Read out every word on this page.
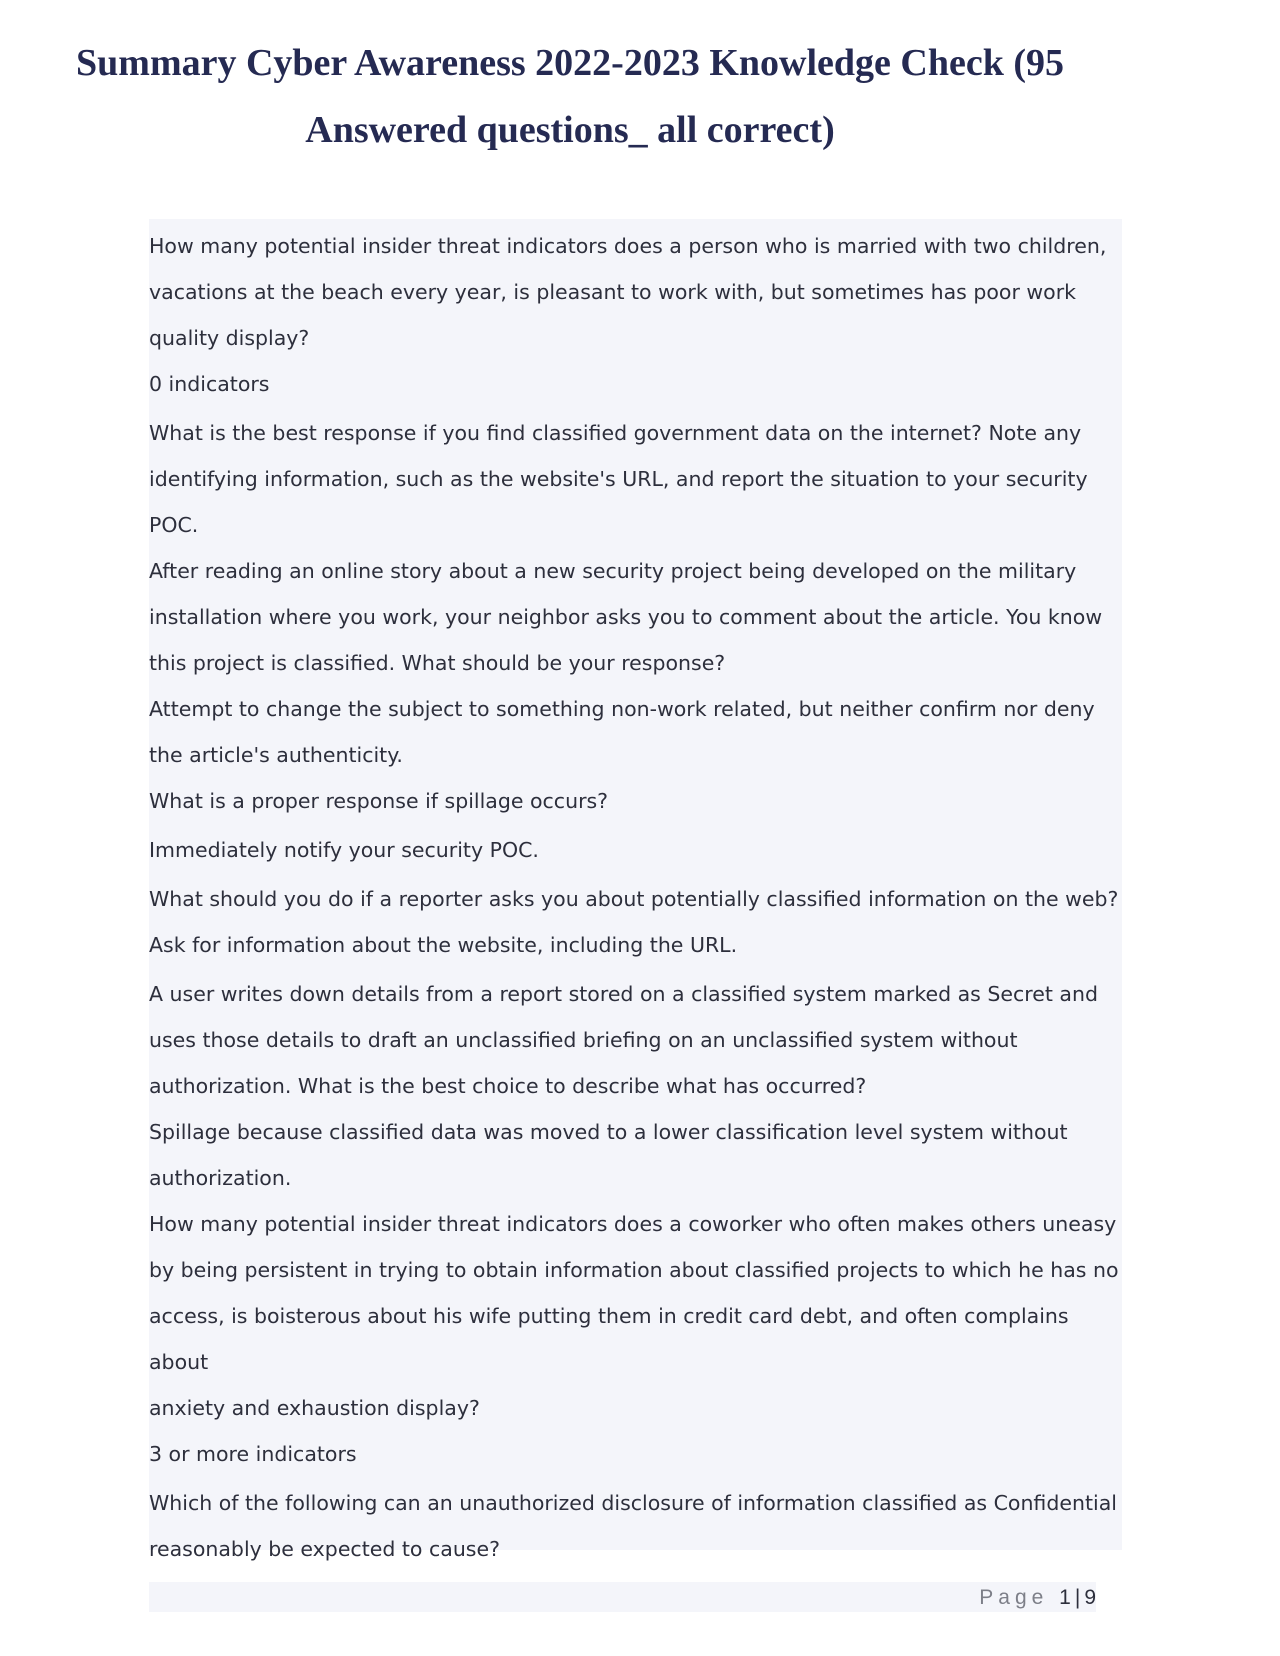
Summary Cyber Awareness 2022-2023 Knowledge Check (95
Answered questions_ all correct)

How many potential insider threat indicators does a person who is married with two children,
vacations at the beach every year, is pleasant to work with, but sometimes has poor work
quality display?

0 indicators

What is the best response if you find classified government data on the internet? Note any
identifying information, such as the website's URL, and report the situation to your security
POC.

After reading an online story about a new security project being developed on the military
installation where you work, your neighbor asks you to comment about the article. You know
this project is classified. What should be your response?

Attempt to change the subject to something non-work related, but neither confirm nor deny
the article's authenticity.

What is a proper response if spillage occurs?

Immediately notify your security POC.

What should you do if a reporter asks you about potentially classified information on the web?

Ask for information about the website, including the URL.

A user writes down details from a report stored on a classified system marked as Secret and
uses those details to draft an unclassified briefing on an unclassified system without
authorization. What is the best choice to describe what has occurred?

Spillage because classified data was moved to a lower classification level system without
authorization.

How many potential insider threat indicators does a coworker who often makes others uneasy
by being persistent in trying to obtain information about classified projects to which he has no
access, is boisterous about his wife putting them in credit card debt, and often complains about
anxiety and exhaustion display?

3 or more indicators

Which of the following can an unauthorized disclosure of information classified as Confidential
reasonably be expected to cause?

Page 1 | 9
